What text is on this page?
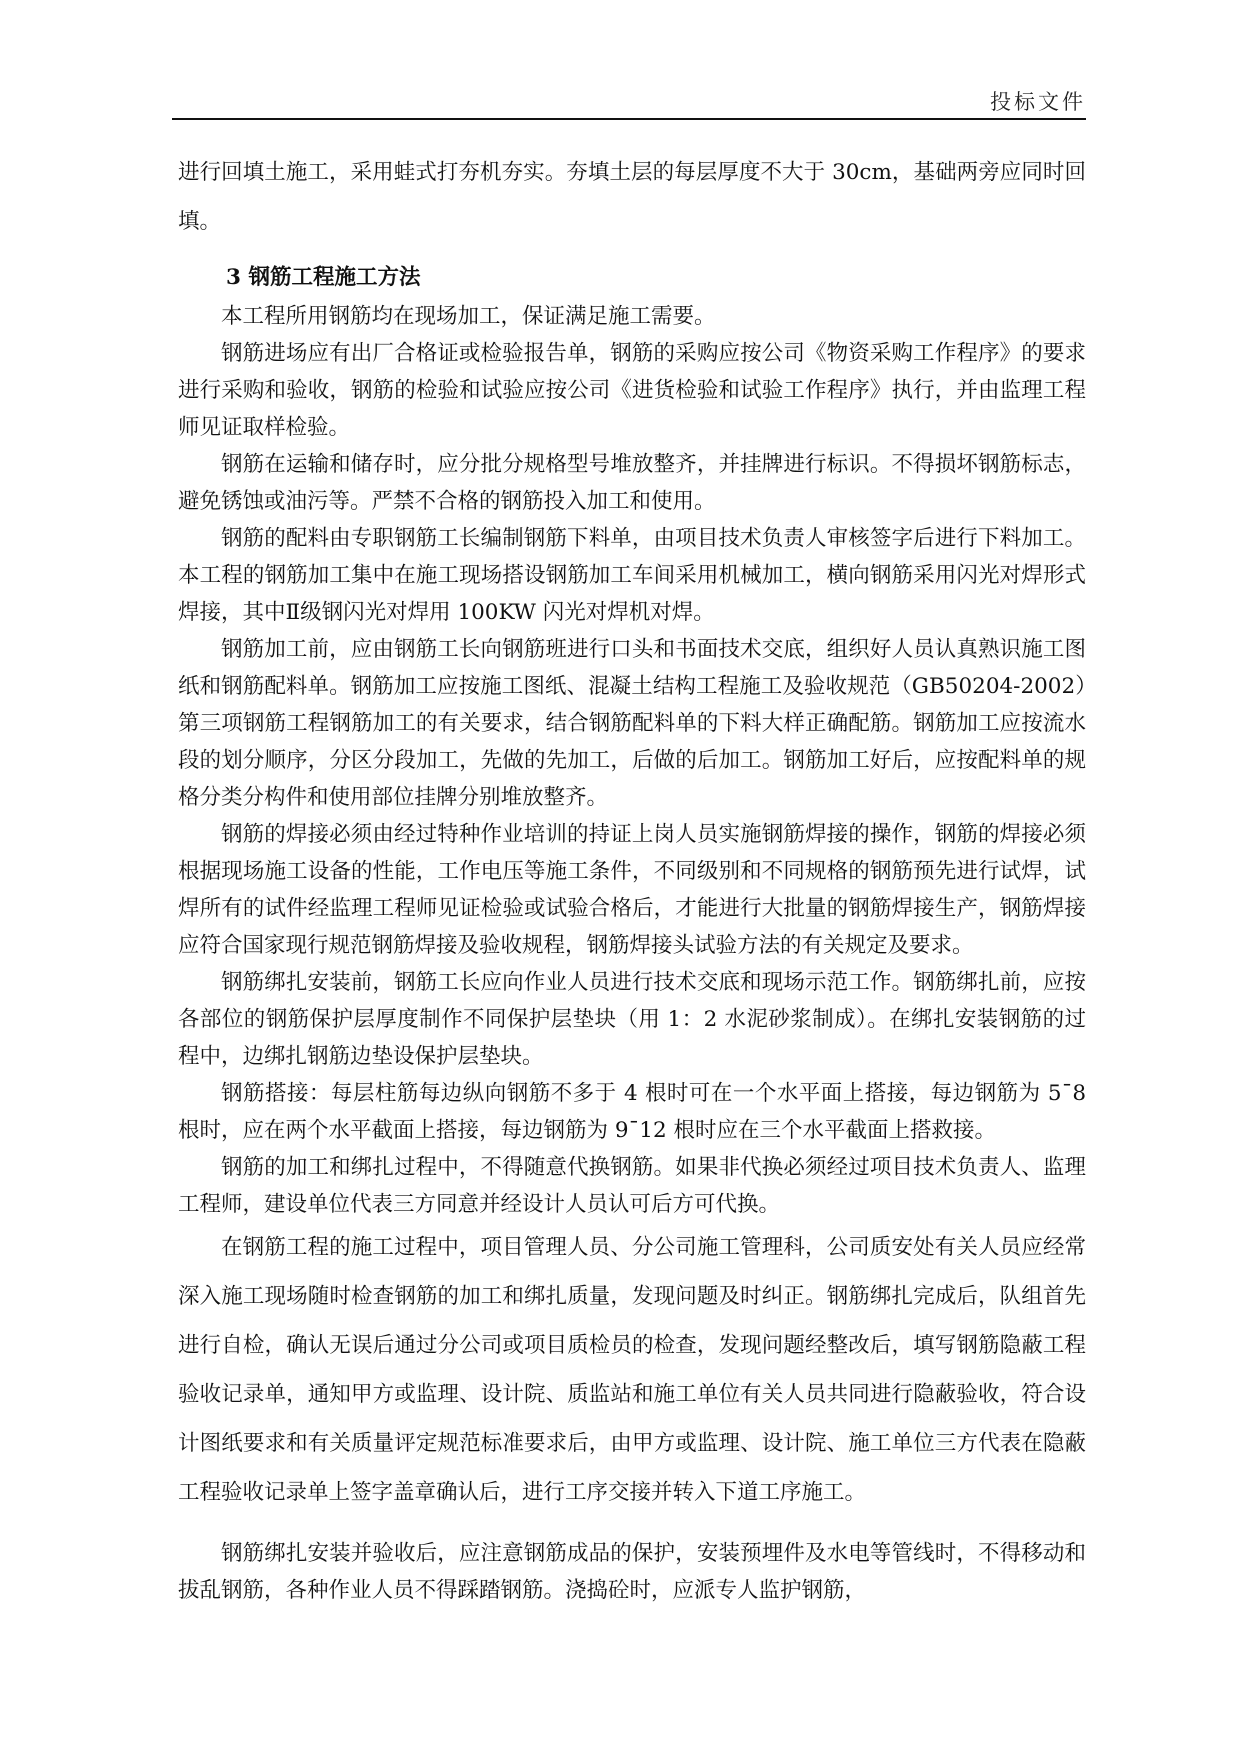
投标文件

进行回填土施工，采用蛙式打夯机夯实。夯填土层的每层厚度不大于 30cm，基础两旁应同时回填。

3 钢筋工程施工方法

本工程所用钢筋均在现场加工，保证满足施工需要。

钢筋进场应有出厂合格证或检验报告单，钢筋的采购应按公司《物资采购工作程序》的要求进行采购和验收，钢筋的检验和试验应按公司《进货检验和试验工作程序》执行，并由监理工程师见证取样检验。

钢筋在运输和储存时，应分批分规格型号堆放整齐，并挂牌进行标识。不得损坏钢筋标志，避免锈蚀或油污等。严禁不合格的钢筋投入加工和使用。

钢筋的配料由专职钢筋工长编制钢筋下料单，由项目技术负责人审核签字后进行下料加工。本工程的钢筋加工集中在施工现场搭设钢筋加工车间采用机械加工，横向钢筋采用闪光对焊形式焊接，其中Ⅱ级钢闪光对焊用 100KW 闪光对焊机对焊。

钢筋加工前，应由钢筋工长向钢筋班进行口头和书面技术交底，组织好人员认真熟识施工图纸和钢筋配料单。钢筋加工应按施工图纸、混凝土结构工程施工及验收规范（GB50204-2002）第三项钢筋工程钢筋加工的有关要求，结合钢筋配料单的下料大样正确配筋。钢筋加工应按流水段的划分顺序，分区分段加工，先做的先加工，后做的后加工。钢筋加工好后，应按配料单的规格分类分构件和使用部位挂牌分别堆放整齐。

钢筋的焊接必须由经过特种作业培训的持证上岗人员实施钢筋焊接的操作，钢筋的焊接必须根据现场施工设备的性能，工作电压等施工条件，不同级别和不同规格的钢筋预先进行试焊，试焊所有的试件经监理工程师见证检验或试验合格后，才能进行大批量的钢筋焊接生产，钢筋焊接应符合国家现行规范钢筋焊接及验收规程，钢筋焊接头试验方法的有关规定及要求。

钢筋绑扎安装前，钢筋工长应向作业人员进行技术交底和现场示范工作。钢筋绑扎前，应按各部位的钢筋保护层厚度制作不同保护层垫块（用 1：2 水泥砂浆制成）。在绑扎安装钢筋的过程中，边绑扎钢筋边垫设保护层垫块。

钢筋搭接：每层柱筋每边纵向钢筋不多于 4 根时可在一个水平面上搭接，每边钢筋为 5¯8 根时，应在两个水平截面上搭接，每边钢筋为 9¯12 根时应在三个水平截面上搭救接。

钢筋的加工和绑扎过程中，不得随意代换钢筋。如果非代换必须经过项目技术负责人、监理工程师，建设单位代表三方同意并经设计人员认可后方可代换。

在钢筋工程的施工过程中，项目管理人员、分公司施工管理科，公司质安处有关人员应经常深入施工现场随时检查钢筋的加工和绑扎质量，发现问题及时纠正。钢筋绑扎完成后，队组首先进行自检，确认无误后通过分公司或项目质检员的检查，发现问题经整改后，填写钢筋隐蔽工程验收记录单，通知甲方或监理、设计院、质监站和施工单位有关人员共同进行隐蔽验收，符合设计图纸要求和有关质量评定规范标准要求后，由甲方或监理、设计院、施工单位三方代表在隐蔽工程验收记录单上签字盖章确认后，进行工序交接并转入下道工序施工。

钢筋绑扎安装并验收后，应注意钢筋成品的保护，安装预埋件及水电等管线时，不得移动和拔乱钢筋，各种作业人员不得踩踏钢筋。浇捣砼时，应派专人监护钢筋，
